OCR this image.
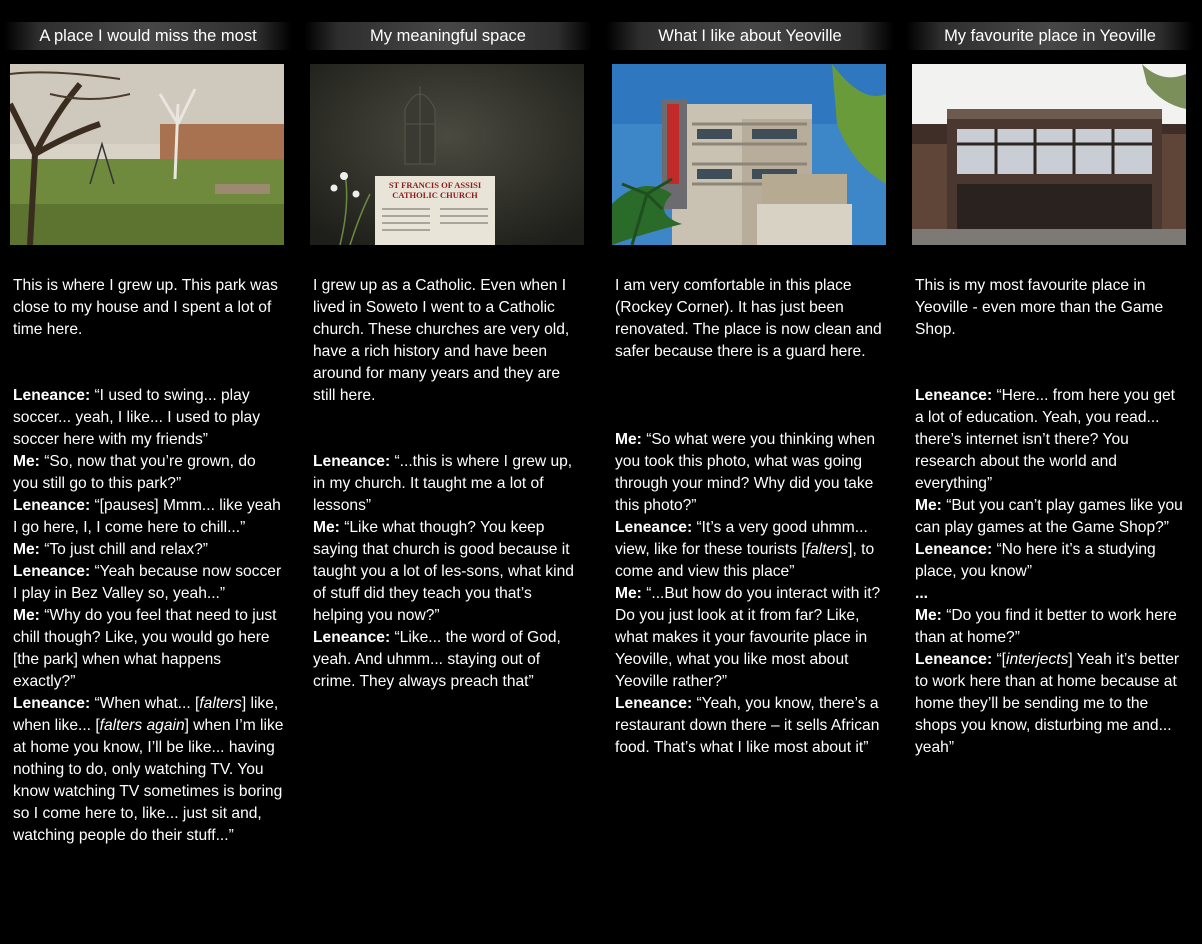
A place I would miss the most
This is where I grew up. This park was close to my house and I spent a lot of time here.

Leneance: “I used to swing... play soccer... yeah, I like... I used to play soccer here with my friends”

Me: “So, now that you’re grown, do you still go to this park?”

Leneance: “[pauses] Mmm... like yeah I go here, I, I come here to chill...”

Me: “To just chill and relax?”

Leneance: “Yeah because now soccer I play in Bez Valley so, yeah...”

Me: “Why do you feel that need to just chill though? Like, you would go here [the park] when what happens exactly?”

Leneance: “When what... [falters] like, when like... [falters again] when I’m like at home you know, I’ll be like... having nothing to do, only watching TV. You know watching TV sometimes is boring so I come here to, like... just sit and, watching people do their stuff...”

My meaningful space
ST FRANCIS OF ASSISI
CATHOLIC CHURCH
I grew up as a Catholic. Even when I lived in Soweto I went to a Catholic church. These churches are very old, have a rich history and have been around for many years and they are still here.

Leneance: “...this is where I grew up, in my church. It taught me a lot of lessons”

Me: “Like what though? You keep saying that church is good because it taught you a lot of les-sons, what kind of stuff did they teach you that’s helping you now?”

Leneance: “Like... the word of God, yeah. And uhmm... staying out of crime. They always preach that”

What I like about Yeoville
I am very comfortable in this place (Rockey Corner). It has just been renovated. The place is now clean and safer because there is a guard here.

Me: “So what were you thinking when you took this photo, what was going through your mind? Why did you take this photo?”

Leneance: “It’s a very good uhmm... view, like for these tourists [falters], to come and view this place”

Me: “...But how do you interact with it? Do you just look at it from far? Like, what makes it your favourite place in Yeoville, what you like most about Yeoville rather?”

Leneance: “Yeah, you know, there’s a restaurant down there – it sells African food. That’s what I like most about it”

My favourite place in Yeoville
This is my most favourite place in Yeoville - even more than the Game Shop.

Leneance: “Here... from here you get a lot of education. Yeah, you read... there’s internet isn’t there? You research about the world and everything”

Me: “But you can’t play games like you can play games at the Game Shop?”

Leneance: “No here it’s a studying place, you know”

...

Me: “Do you find it better to work here than at home?”

Leneance: “[interjects] Yeah it’s better to work here than at home because at home they’ll be sending me to the shops you know, disturbing me and... yeah”
